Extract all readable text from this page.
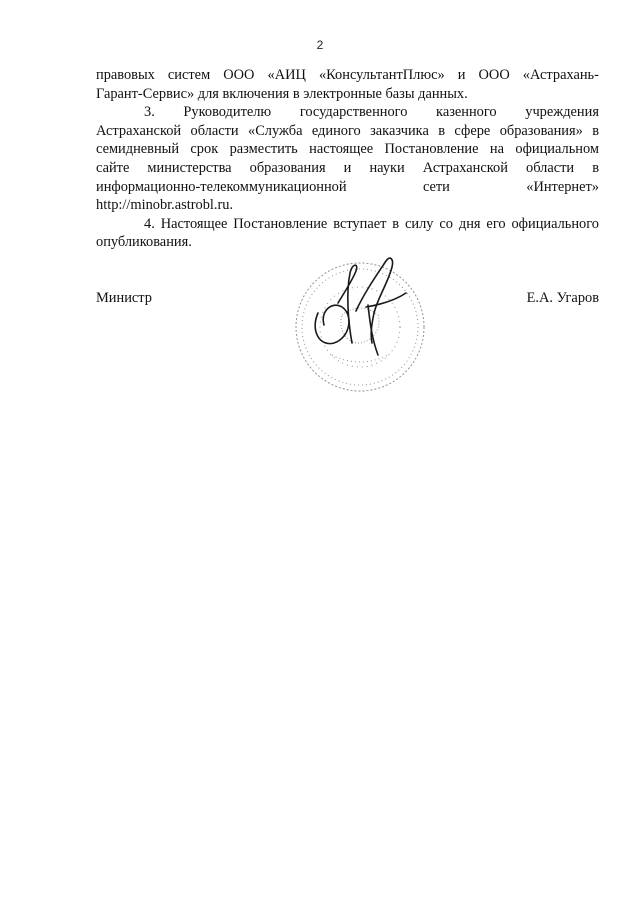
2
правовых систем ООО «АИЦ «КонсультантПлюс» и ООО «Астрахань-
Гарант-Сервис» для включения в электронные базы данных.
3. Руководителю государственного казенного учреждения
Астраханской области «Служба единого заказчика в сфере образования» в
семидневный срок разместить настоящее Постановление на официальном
сайте министерства образования и науки Астраханской области в
информационно-телекоммуникационной	сети	«Интернет»
http://minobr.astrobl.ru.
4. Настоящее Постановление вступает в силу со дня его официального
опубликования.
Министр	Е.А. Угаров
